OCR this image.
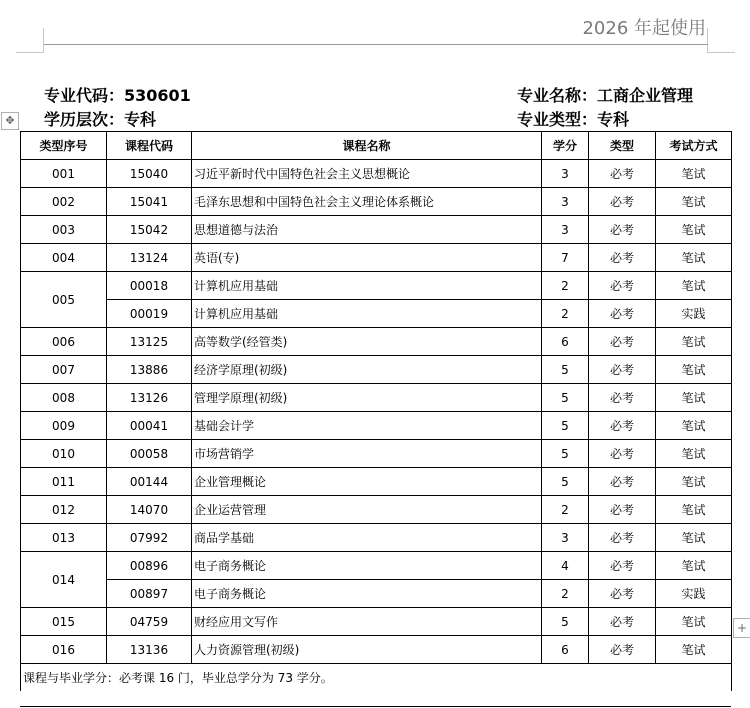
2026 年起使用
专业代码：530601	专业名称：工商企业管理
学历层次：专科	专业类型：专科
✥
类型序号	课程代码	课程名称	学分	类型	考试方式
001	15040	习近平新时代中国特色社会主义思想概论	3	必考	笔试
002	15041	毛泽东思想和中国特色社会主义理论体系概论	3	必考	笔试
003	15042	思想道德与法治	3	必考	笔试
004	13124	英语(专)	7	必考	笔试
005	00018	计算机应用基础	2	必考	笔试
	00019	计算机应用基础	2	必考	实践
006	13125	高等数学(经管类)	6	必考	笔试
007	13886	经济学原理(初级)	5	必考	笔试
008	13126	管理学原理(初级)	5	必考	笔试
009	00041	基础会计学	5	必考	笔试
010	00058	市场营销学	5	必考	笔试
011	00144	企业管理概论	5	必考	笔试
012	14070	企业运营管理	2	必考	笔试
013	07992	商品学基础	3	必考	笔试
014	00896	电子商务概论	4	必考	笔试
	00897	电子商务概论	2	必考	实践
015	04759	财经应用文写作	5	必考	笔试
016	13136	人力资源管理(初级)	6	必考	笔试
课程与毕业学分：必考课 16 门，毕业总学分为 73 学分。					
+
